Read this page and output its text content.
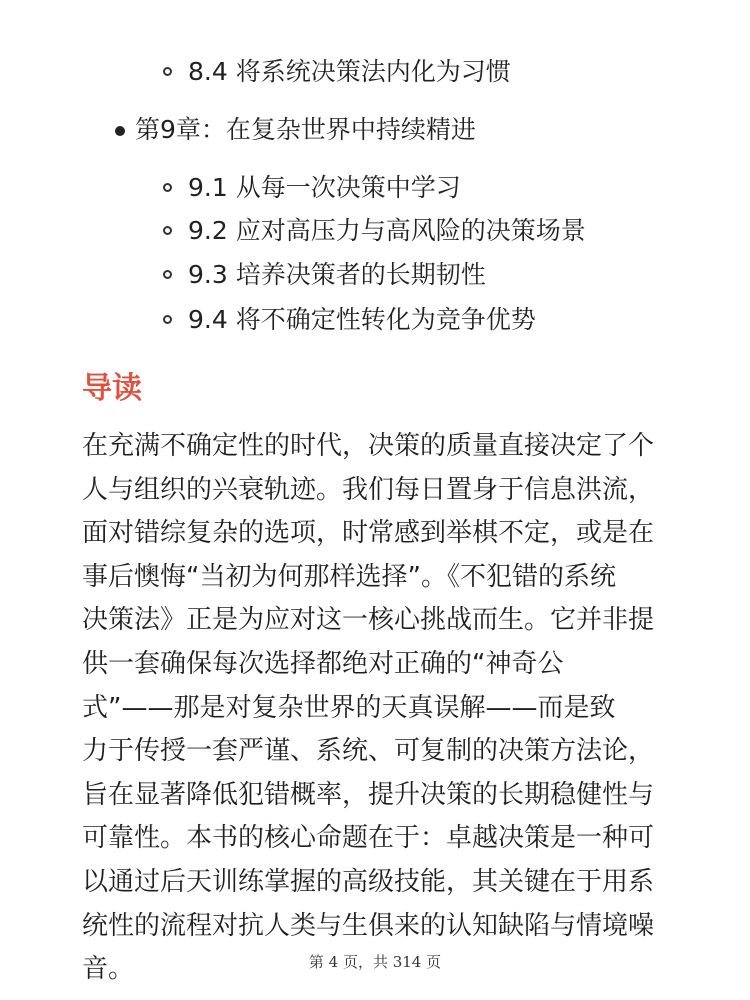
8.4 将系统决策法内化为习惯
第9章：在复杂世界中持续精进
9.1 从每一次决策中学习
9.2 应对高压力与高风险的决策场景
9.3 培养决策者的长期韧性
9.4 将不确定性转化为竞争优势
导读
在充满不确定性的时代，决策的质量直接决定了个
人与组织的兴衰轨迹。我们每日置身于信息洪流，
面对错综复杂的选项，时常感到举棋不定，或是在
事后懊悔“当初为何那样选择”。《不犯错的系统
决策法》正是为应对这一核心挑战而生。它并非提
供一套确保每次选择都绝对正确的“神奇公
式”——那是对复杂世界的天真误解——而是致
力于传授一套严谨、系统、可复制的决策方法论，
旨在显著降低犯错概率，提升决策的长期稳健性与
可靠性。本书的核心命题在于：卓越决策是一种可
以通过后天训练掌握的高级技能，其关键在于用系
统性的流程对抗人类与生俱来的认知缺陷与情境噪
音。	第 4 页，共 314 页
